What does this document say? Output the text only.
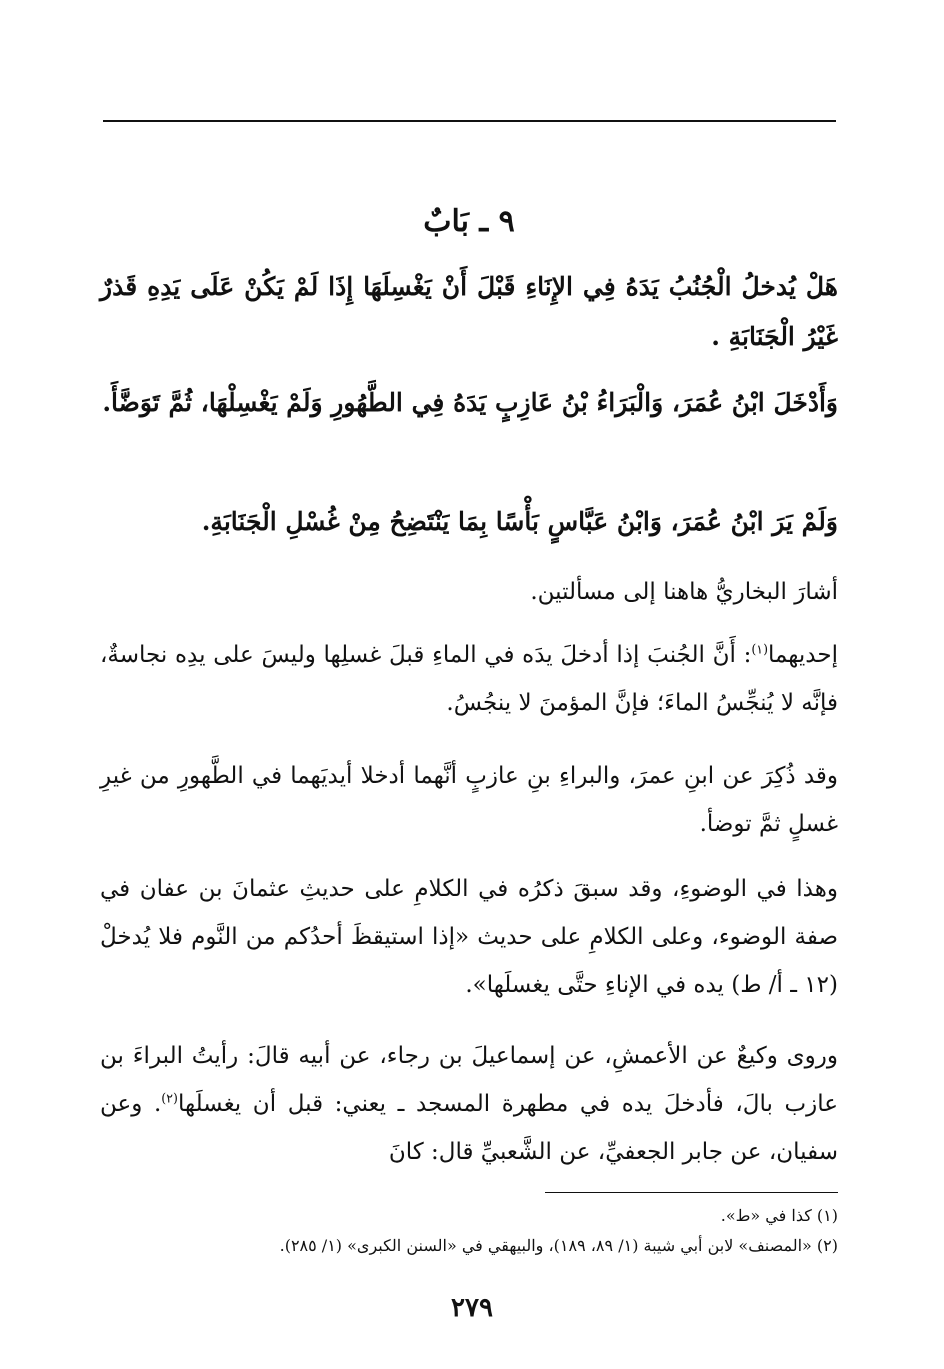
٩ ـ بَابٌ

هَلْ يُدخلُ الْجُنُبُ يَدَهُ فِي الإِنَاءِ قَبْلَ أَنْ يَغْسِلَهَا إِذَا لَمْ يَكُنْ عَلَى يَدِهِ قَذرٌ غَيْرُ الْجَنَابَةِ .

وَأَدْخَلَ ابْنُ عُمَرَ، وَالْبَرَاءُ بْنُ عَازِبٍ يَدَهُ فِي الطَّهُورِ وَلَمْ يَغْسِلْهَا، ثُمَّ تَوَضَّأَ.

وَلَمْ يَرَ ابْنُ عُمَرَ، وَابْنُ عَبَّاسٍ بَأْسًا بِمَا يَنْتَضِحُ مِنْ غُسْلِ الْجَنَابَةِ.

أشارَ البخاريُّ هاهنا إلى مسألتين.

إحديهما$^{(١)}$: أَنَّ الجُنبَ إذا أدخلَ يدَه في الماءِ قبلَ غسلِها وليسَ على يدِه نجاسةٌ، فإنَّه لا يُنجِّسُ الماءَ؛ فإنَّ المؤمنَ لا ينجُسُ.

وقد ذُكِرَ عن ابنِ عمرَ، والبراءِ بنِ عازبٍ أنَّهما أدخلا أيديَهما في الطَّهورِ من غيرِ غسلٍ ثمَّ توضأ.

وهذا في الوضوءِ، وقد سبقَ ذكرُه في الكلامِ على حديثِ عثمانَ بن عفان في صفة الوضوء، وعلى الكلامِ على حديث «إذا استيقظَ أحدُكم من النَّوم فلا يُدخلْ (١٢ ـ أ/ ط) يده في الإناءِ حتَّى يغسلَها».

وروى وكيعٌ عن الأعمشِ، عن إسماعيلَ بن رجاء، عن أبيه قالَ: رأيتُ البراءَ بن عازب بالَ، فأدخلَ يده في مطهرة المسجد ـ يعني: قبل أن يغسلَها$^{(٢)}$. وعن سفيان، عن جابر الجعفيِّ، عن الشَّعبيِّ قال: كانَ

(١) كذا في «ط».

(٢) «المصنف» لابن أبي شيبة (١/ ٨٩، ١٨٩)، والبيهقي في «السنن الكبرى» (١/ ٢٨٥).

٢٧٩
